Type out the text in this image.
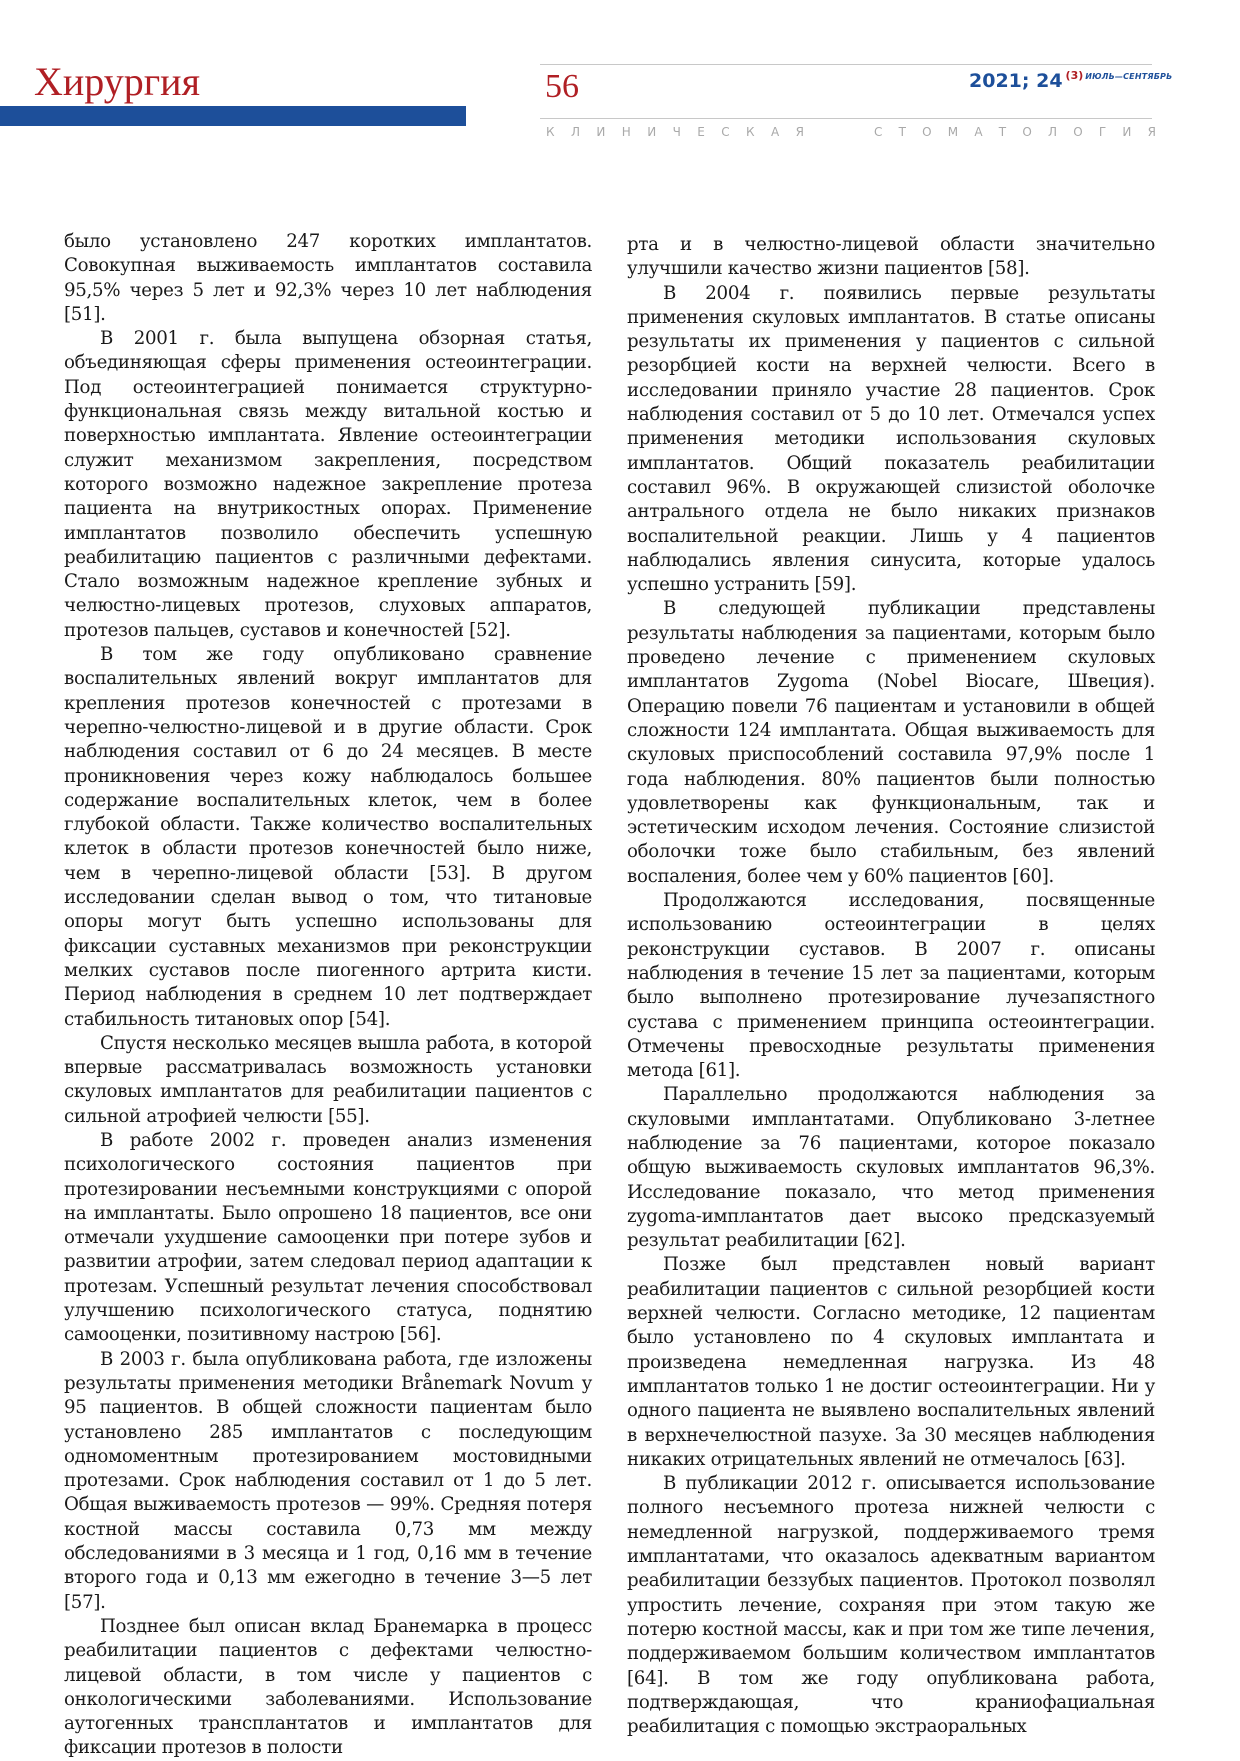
Хирургия	56	2021; 24 $^{(3)}$ $^{ИЮЛЬ—СЕНТЯБРЬ}$
К Л И Н И Ч Е С К А Я	С Т О М А Т О Л О Г И Я

было установлено 247 коротких имплантатов. Совокупная выживаемость имплантатов составила 95,5% через 5 лет и 92,3% через 10 лет наблюдения [51].

В 2001 г. была выпущена обзорная статья, объединяющая сферы применения остеоинтеграции. Под остеоинтеграцией понимается структурно-функциональная связь между витальной костью и поверхностью имплантата. Явление остеоинтеграции служит механизмом закрепления, посредством которого возможно надежное закрепление протеза пациента на внутрикостных опорах. Применение имплантатов позволило обеспечить успешную реабилитацию пациентов с различными дефектами. Стало возможным надежное крепление зубных и челюстно-лицевых протезов, слуховых аппаратов, протезов пальцев, суставов и конечностей [52].

В том же году опубликовано сравнение воспалительных явлений вокруг имплантатов для крепления протезов конечностей с протезами в черепно-челюстно-лицевой и в другие области. Срок наблюдения составил от 6 до 24 месяцев. В месте проникновения через кожу наблюдалось большее содержание воспалительных клеток, чем в более глубокой области. Также количество воспалительных клеток в области протезов конечностей было ниже, чем в черепно-лицевой области [53]. В другом исследовании сделан вывод о том, что титановые опоры могут быть успешно использованы для фиксации суставных механизмов при реконструкции мелких суставов после пиогенного артрита кисти. Период наблюдения в среднем 10 лет подтверждает стабильность титановых опор [54].

Спустя несколько месяцев вышла работа, в которой впервые рассматривалась возможность установки скуловых имплантатов для реабилитации пациентов с сильной атрофией челюсти [55].

В работе 2002 г. проведен анализ изменения психологического состояния пациентов при протезировании несъемными конструкциями с опорой на имплантаты. Было опрошено 18 пациентов, все они отмечали ухудшение самооценки при потере зубов и развитии атрофии, затем следовал период адаптации к протезам. Успешный результат лечения способствовал улучшению психологического статуса, поднятию самооценки, позитивному настрою [56].

В 2003 г. была опубликована работа, где изложены результаты применения методики Brånemark Novum у 95 пациентов. В общей сложности пациентам было установлено 285 имплантатов с последующим одномоментным протезированием мостовидными протезами. Срок наблюдения составил от 1 до 5 лет. Общая выживаемость протезов — 99%. Средняя потеря костной массы составила 0,73 мм между обследованиями в 3 месяца и 1 год, 0,16 мм в течение второго года и 0,13 мм ежегодно в течение 3—5 лет [57].

Позднее был описан вклад Бранемарка в процесс реабилитации пациентов с дефектами челюстно-лицевой области, в том числе у пациентов с онкологическими заболеваниями. Использование аутогенных трансплантатов и имплантатов для фиксации протезов в полости

рта и в челюстно-лицевой области значительно улучшили качество жизни пациентов [58].

В 2004 г. появились первые результаты применения скуловых имплантатов. В статье описаны результаты их применения у пациентов с сильной резорбцией кости на верхней челюсти. Всего в исследовании приняло участие 28 пациентов. Срок наблюдения составил от 5 до 10 лет. Отмечался успех применения методики использования скуловых имплантатов. Общий показатель реабилитации составил 96%. В окружающей слизистой оболочке антрального отдела не было никаких признаков воспалительной реакции. Лишь у 4 пациентов наблюдались явления синусита, которые удалось успешно устранить [59].

В следующей публикации представлены результаты наблюдения за пациентами, которым было проведено лечение с применением скуловых имплантатов Zygoma (Nobel Biocare, Швеция). Операцию повели 76 пациентам и установили в общей сложности 124 имплантата. Общая выживаемость для скуловых приспособлений составила 97,9% после 1 года наблюдения. 80% пациентов были полностью удовлетворены как функциональным, так и эстетическим исходом лечения. Состояние слизистой оболочки тоже было стабильным, без явлений воспаления, более чем у 60% пациентов [60].

Продолжаются исследования, посвященные использованию остеоинтеграции в целях реконструкции суставов. В 2007 г. описаны наблюдения в течение 15 лет за пациентами, которым было выполнено протезирование лучезапястного сустава с применением принципа остеоинтеграции. Отмечены превосходные результаты применения метода [61].

Параллельно продолжаются наблюдения за скуловыми имплантатами. Опубликовано 3-летнее наблюдение за 76 пациентами, которое показало общую выживаемость скуловых имплантатов 96,3%. Исследование показало, что метод применения zygoma-имплантатов дает высоко предсказуемый результат реабилитации [62].

Позже был представлен новый вариант реабилитации пациентов с сильной резорбцией кости верхней челюсти. Согласно методике, 12 пациентам было установлено по 4 скуловых имплантата и произведена немедленная нагрузка. Из 48 имплантатов только 1 не достиг остеоинтеграции. Ни у одного пациента не выявлено воспалительных явлений в верхнечелюстной пазухе. За 30 месяцев наблюдения никаких отрицательных явлений не отмечалось [63].

В публикации 2012 г. описывается использование полного несъемного протеза нижней челюсти с немедленной нагрузкой, поддерживаемого тремя имплантатами, что оказалось адекватным вариантом реабилитации беззубых пациентов. Протокол позволял упростить лечение, сохраняя при этом такую же потерю костной массы, как и при том же типе лечения, поддерживаемом большим количеством имплантатов [64]. В том же году опубликована работа, подтверждающая, что краниофациальная реабилитация с помощью экстраоральных
